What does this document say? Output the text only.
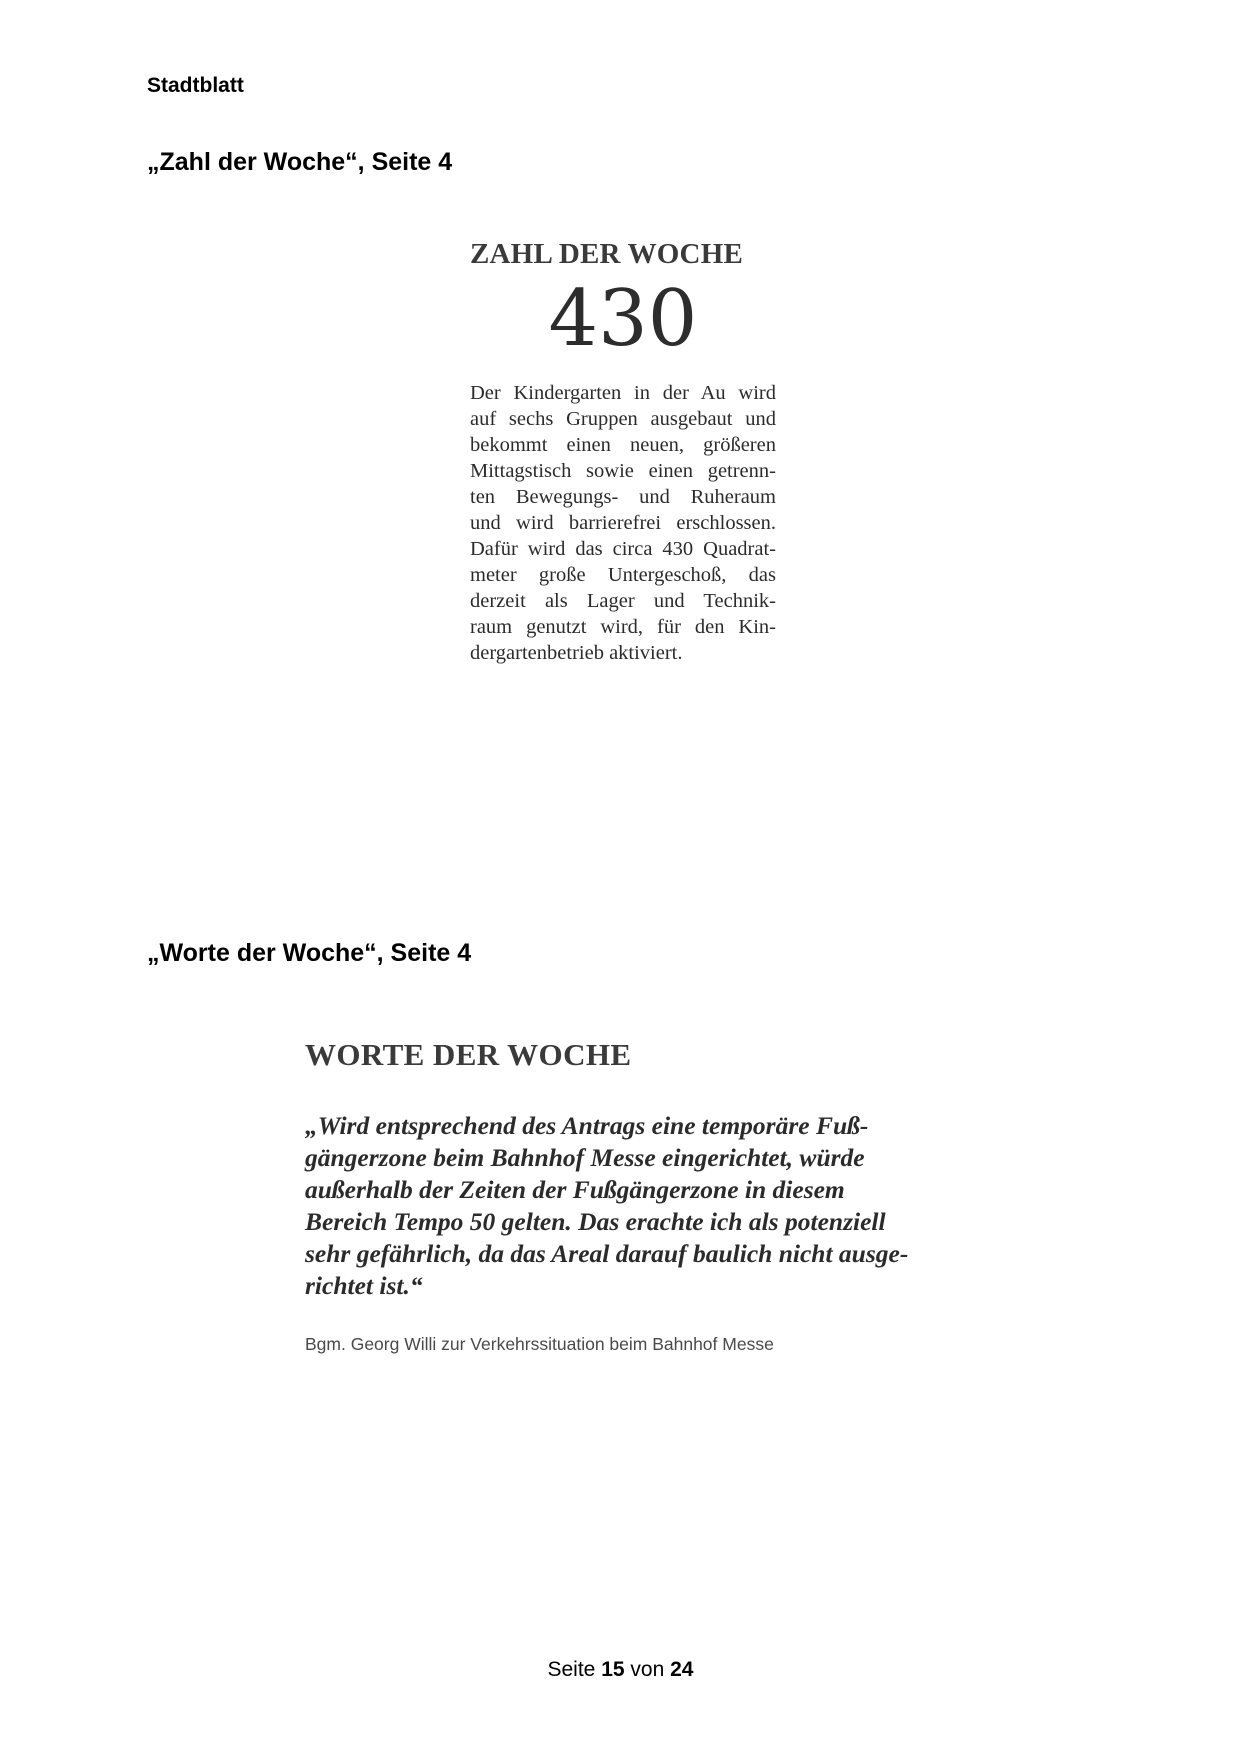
Stadtblatt
„Zahl der Woche“, Seite 4
ZAHL DER WOCHE
430
Der Kindergarten in der Au wird
auf sechs Gruppen ausgebaut und
bekommt einen neuen, größeren
Mittagstisch sowie einen getrenn-
ten Bewegungs- und Ruheraum
und wird barrierefrei erschlossen.
Dafür wird das circa 430 Quadrat-
meter große Untergeschoß, das
derzeit als Lager und Technik-
raum genutzt wird, für den Kin-
dergartenbetrieb aktiviert.
„Worte der Woche“, Seite 4
WORTE DER WOCHE
„Wird entsprechend des Antrags eine temporäre Fuß-
gängerzone beim Bahnhof Messe eingerichtet, würde
außerhalb der Zeiten der Fußgängerzone in diesem
Bereich Tempo 50 gelten. Das erachte ich als potenziell
sehr gefährlich, da das Areal darauf baulich nicht ausge-
richtet ist.“
Bgm. Georg Willi zur Verkehrssituation beim Bahnhof Messe
Seite 15 von 24
